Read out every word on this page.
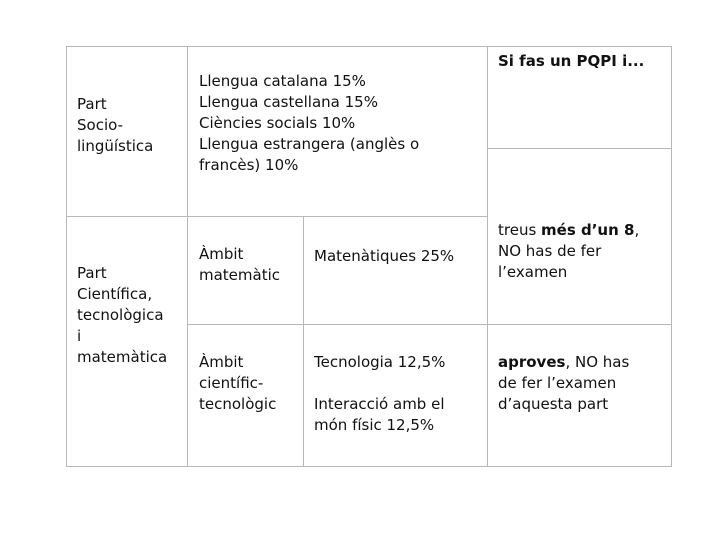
Si fas un PQPI i...
Part
Socio-
lingüística
Llengua catalana 15%
Llengua castellana 15%
Ciències socials 10%
Llengua estrangera (anglès o
francès) 10%
Part
Científica,
tecnològica
i
matemàtica
Àmbit
matemàtic
Matenàtiques 25%
treus més d’un 8,
NO has de fer
l’examen
Àmbit
científic-
tecnològic
Tecnologia 12,5%

Interacció amb el
món físic 12,5%
aproves, NO has
de fer l’examen
d’aquesta part
